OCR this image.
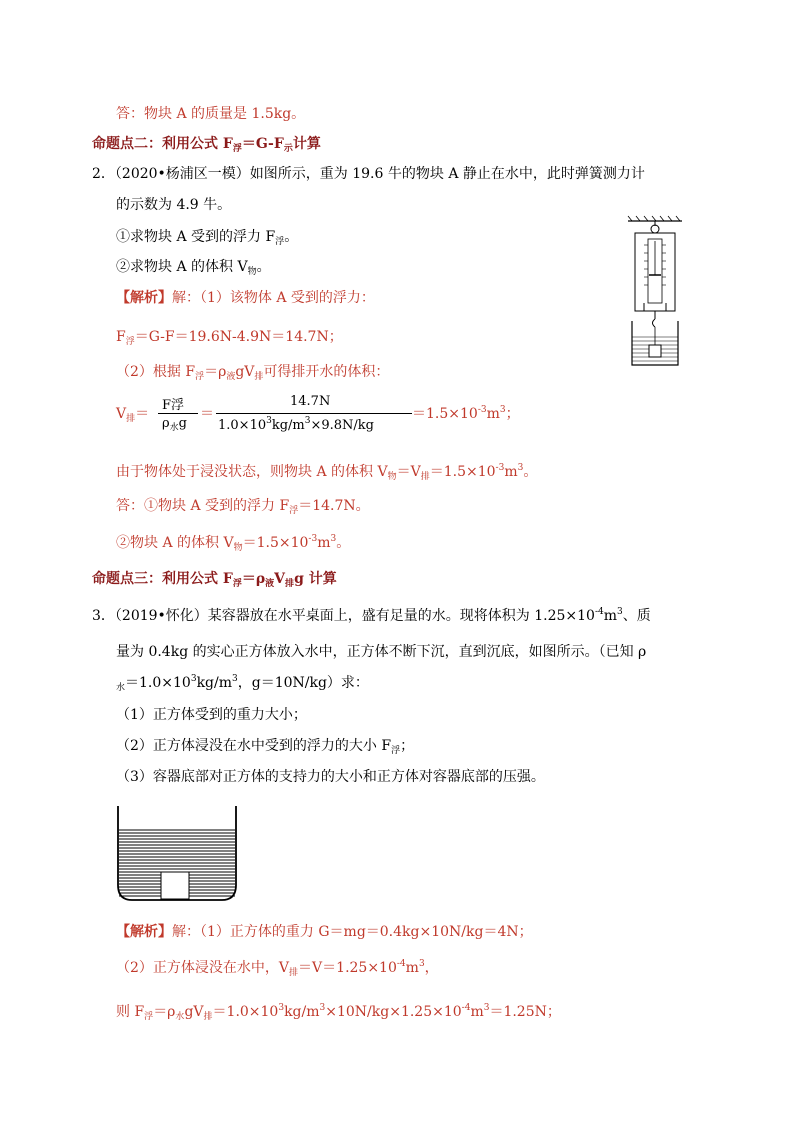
答：物块 A 的质量是 1.5kg。
命题点二：利用公式 $F_浮=G-F_示$计算
2．（2020•杨浦区一模）如图所示，重为 19.6 牛的物块 A 静止在水中，此时弹簧测力计
的示数为 4.9 牛。
①求物块 A 受到的浮力 $F_浮$。
②求物块 A 的体积 $V_物$。
【解析】解：（1）该物体 A 受到的浮力：
$F_浮=G-F=19.6N-4.9N=14.7N$；
（2）根据 $F_浮=\rho_液gV_排$可得排开水的体积：
$V_排=$
F浮
$\rho_水g$
＝
14.7N
$1.0\times 10^3kg/m^3\times 9.8N/kg$
$=1.5\times 10^{-3}m^3$；
由于物体处于浸没状态，则物块 A 的体积 $V_物=V_排=1.5\times 10^{-3}m^3$。
答：①物块 A 受到的浮力 $F_浮=14.7N$。
②物块 A 的体积 $V_物=1.5\times 10^{-3}m^3$。
命题点三：利用公式 $F_浮=\rho_液V_排g$ 计算
3．（2019•怀化）某容器放在水平桌面上，盛有足量的水。现将体积为 $1.25\times 10^{-4}m^3$、质
量为 0.4kg 的实心正方体放入水中，正方体不断下沉，直到沉底，如图所示。（已知 ρ
$_水=1.0\times 10^3kg/m^3$，g＝10N/kg）求：
（1）正方体受到的重力大小；
（2）正方体浸没在水中受到的浮力的大小 $F_浮$；
（3）容器底部对正方体的支持力的大小和正方体对容器底部的压强。
【解析】解：（1）正方体的重力 G＝mg＝0.4kg×10N/kg＝4N；
（2）正方体浸没在水中，$V_排=V=1.25\times 10^{-4}m^3$，
则 $F_浮=\rho_水gV_排=1.0\times 10^3kg/m^3\times 10N/kg\times 1.25\times 10^{-4}m^3=1.25N$；
